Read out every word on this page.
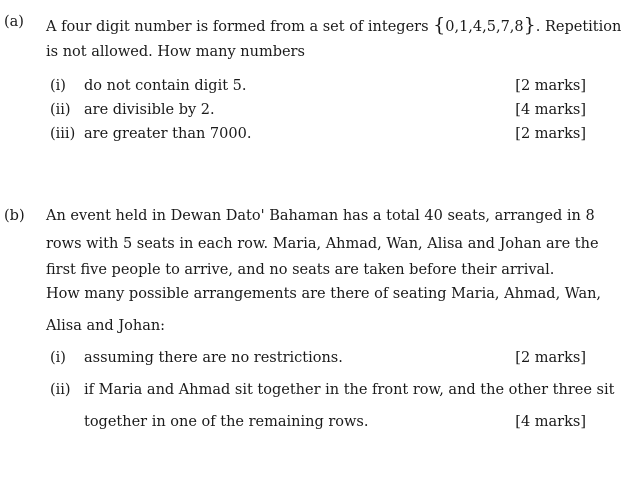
(a) A four digit number is formed from a set of integers {0,1,4,5,7,8}. Repetition
is not allowed. How many numbers
(i) do not contain digit 5.	[2 marks]
(ii) are divisible by 2.	[4 marks]
(iii) are greater than 7000.	[2 marks]
(b) An event held in Dewan Dato' Bahaman has a total 40 seats, arranged in 8
rows with 5 seats in each row. Maria, Ahmad, Wan, Alisa and Johan are the
first five people to arrive, and no seats are taken before their arrival.
How many possible arrangements are there of seating Maria, Ahmad, Wan,
Alisa and Johan:
(i) assuming there are no restrictions.	[2 marks]
(ii) if Maria and Ahmad sit together in the front row, and the other three sit
together in one of the remaining rows.	[4 marks]
